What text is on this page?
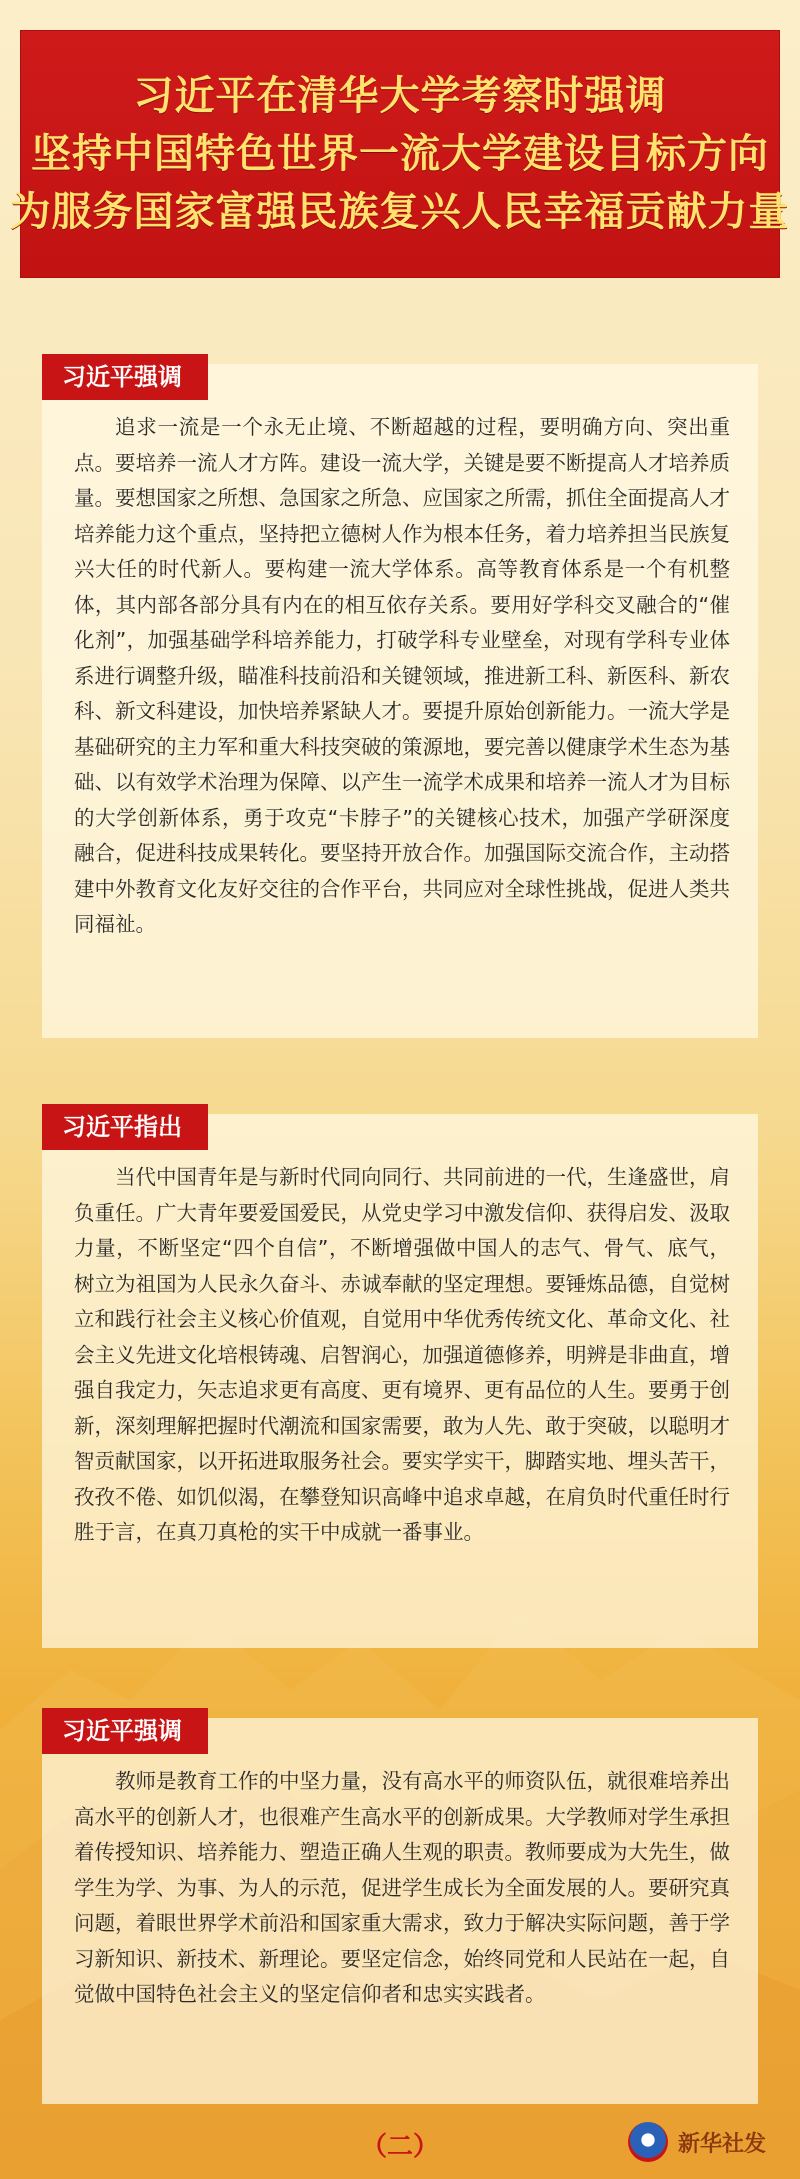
习近平在清华大学考察时强调
坚持中国特色世界一流大学建设目标方向
为服务国家富强民族复兴人民幸福贡献力量
习近平强调
追求一流是一个永无止境、不断超越的过程，要明确方向、突出重点。要培养一流人才方阵。建设一流大学，关键是要不断提高人才培养质量。要想国家之所想、急国家之所急、应国家之所需，抓住全面提高人才培养能力这个重点，坚持把立德树人作为根本任务，着力培养担当民族复兴大任的时代新人。要构建一流大学体系。高等教育体系是一个有机整体，其内部各部分具有内在的相互依存关系。要用好学科交叉融合的“催化剂”，加强基础学科培养能力，打破学科专业壁垒，对现有学科专业体系进行调整升级，瞄准科技前沿和关键领域，推进新工科、新医科、新农科、新文科建设，加快培养紧缺人才。要提升原始创新能力。一流大学是基础研究的主力军和重大科技突破的策源地，要完善以健康学术生态为基础、以有效学术治理为保障、以产生一流学术成果和培养一流人才为目标的大学创新体系，勇于攻克“卡脖子”的关键核心技术，加强产学研深度融合，促进科技成果转化。要坚持开放合作。加强国际交流合作，主动搭建中外教育文化友好交往的合作平台，共同应对全球性挑战，促进人类共同福祉。
习近平指出
当代中国青年是与新时代同向同行、共同前进的一代，生逢盛世，肩负重任。广大青年要爱国爱民，从党史学习中激发信仰、获得启发、汲取力量，不断坚定“四个自信”，不断增强做中国人的志气、骨气、底气，树立为祖国为人民永久奋斗、赤诚奉献的坚定理想。要锤炼品德，自觉树立和践行社会主义核心价值观，自觉用中华优秀传统文化、革命文化、社会主义先进文化培根铸魂、启智润心，加强道德修养，明辨是非曲直，增强自我定力，矢志追求更有高度、更有境界、更有品位的人生。要勇于创新，深刻理解把握时代潮流和国家需要，敢为人先、敢于突破，以聪明才智贡献国家，以开拓进取服务社会。要实学实干，脚踏实地、埋头苦干，孜孜不倦、如饥似渴，在攀登知识高峰中追求卓越，在肩负时代重任时行胜于言，在真刀真枪的实干中成就一番事业。
习近平强调
教师是教育工作的中坚力量，没有高水平的师资队伍，就很难培养出高水平的创新人才，也很难产生高水平的创新成果。大学教师对学生承担着传授知识、培养能力、塑造正确人生观的职责。教师要成为大先生，做学生为学、为事、为人的示范，促进学生成长为全面发展的人。要研究真问题，着眼世界学术前沿和国家重大需求，致力于解决实际问题，善于学习新知识、新技术、新理论。要坚定信念，始终同党和人民站在一起，自觉做中国特色社会主义的坚定信仰者和忠实实践者。
（二）	新华社发
